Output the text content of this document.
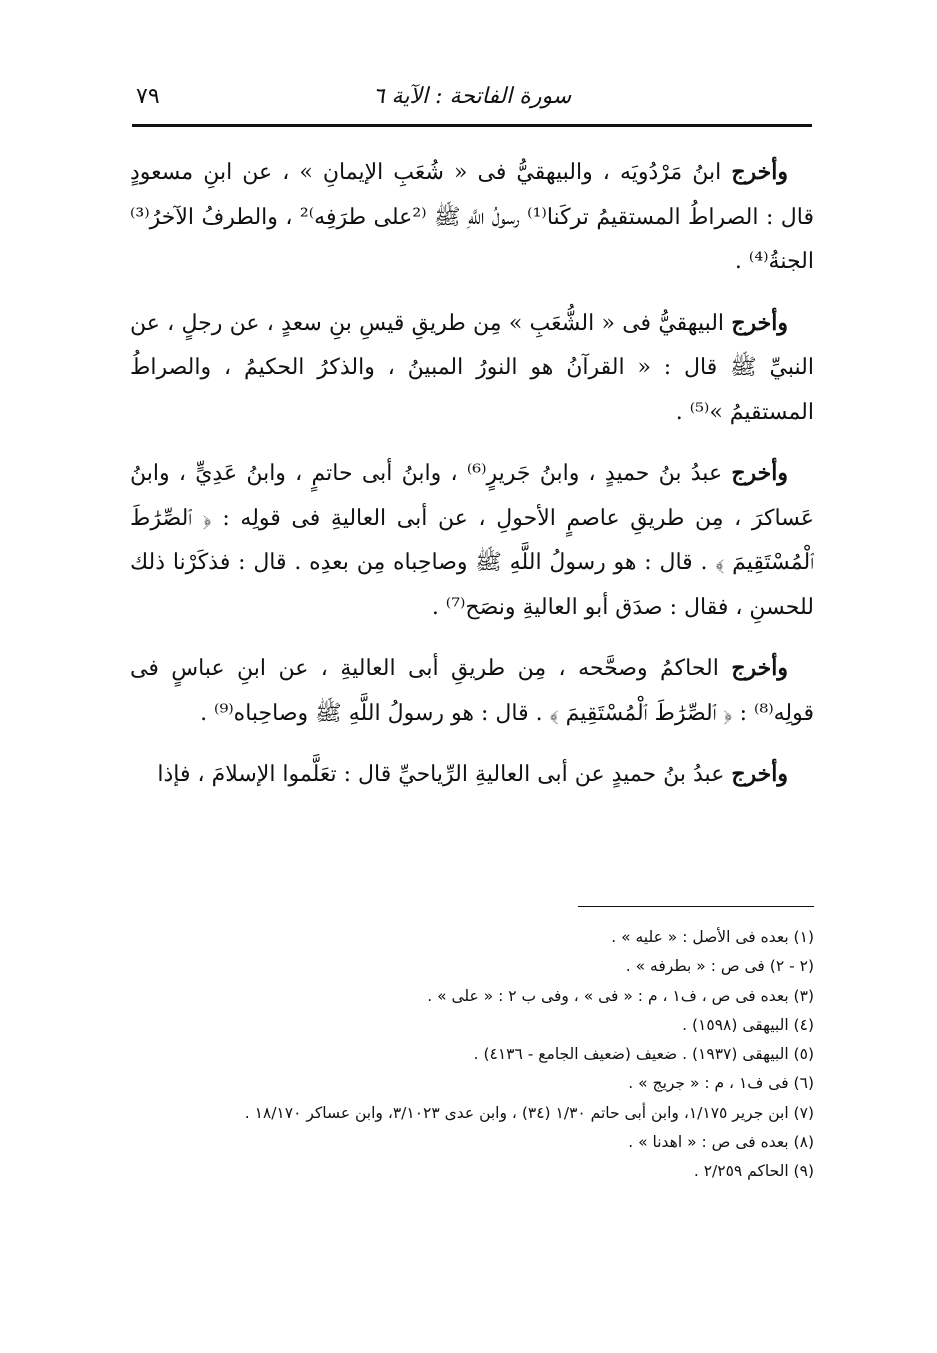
سورة الفاتحة : الآية ٦
٧٩

وأخرج ابنُ مَرْدُويَه ، والبيهقيُّ فى « شُعَبِ الإيمانِ » ، عن ابنِ مسعودٍ قال : الصراطُ المستقيمُ تركَنا⁽¹⁾ رسولُ اللَّهِ ﷺ ⁽²على طرَفِه⁾² ، والطرفُ الآخرُ⁽³⁾ الجنةُ⁽⁴⁾ .

وأخرج البيهقيُّ فى « الشُّعَبِ » مِن طريقِ قيسِ بنِ سعدٍ ، عن رجلٍ ، عن النبيِّ ﷺ قال : « القرآنُ هو النورُ المبينُ ، والذكرُ الحكيمُ ، والصراطُ المستقيمُ »⁽⁵⁾ .

وأخرج عبدُ بنُ حميدٍ ، وابنُ جَريرٍ⁽⁶⁾ ، وابنُ أبى حاتمٍ ، وابنُ عَدِيٍّ ، وابنُ عَساكرَ ، مِن طريقِ عاصمٍ الأحولِ ، عن أبى العاليةِ فى قولِه : ﴿ ٱلصِّرَٰطَ ٱلْمُسْتَقِيمَ ﴾ . قال : هو رسولُ اللَّهِ ﷺ وصاحِباه مِن بعدِه . قال : فذكَرْنا ذلك للحسنِ ، فقال : صدَق أبو العاليةِ ونصَح⁽⁷⁾ .

وأخرج الحاكمُ وصحَّحه ، مِن طريقِ أبى العاليةِ ، عن ابنِ عباسٍ فى قولِه⁽⁸⁾ : ﴿ ٱلصِّرَٰطَ ٱلْمُسْتَقِيمَ ﴾ . قال : هو رسولُ اللَّهِ ﷺ وصاحِباه⁽⁹⁾ .

وأخرج عبدُ بنُ حميدٍ عن أبى العاليةِ الرِّياحيِّ قال : تعَلَّموا الإسلامَ ، فإذا

(١) بعده فى الأصل : « عليه » .
(٢ - ٢) فى ص : « بطرفه » .
(٣) بعده فى ص ، ف١ ، م : « فى » ، وفى ب ٢ : « على » .
(٤) البيهقى (١٥٩٨) .
(٥) البيهقى (١٩٣٧) . ضعيف (ضعيف الجامع - ٤١٣٦) .
(٦) فى ف١ ، م : « جريج » .
(٧) ابن جرير ١/١٧٥، وابن أبى حاتم ١/٣٠ (٣٤) ، وابن عدى ٣/١٠٢٣، وابن عساكر ١٨/١٧٠ .
(٨) بعده فى ص : « اهدنا » .
(٩) الحاكم ٢/٢٥٩ .
